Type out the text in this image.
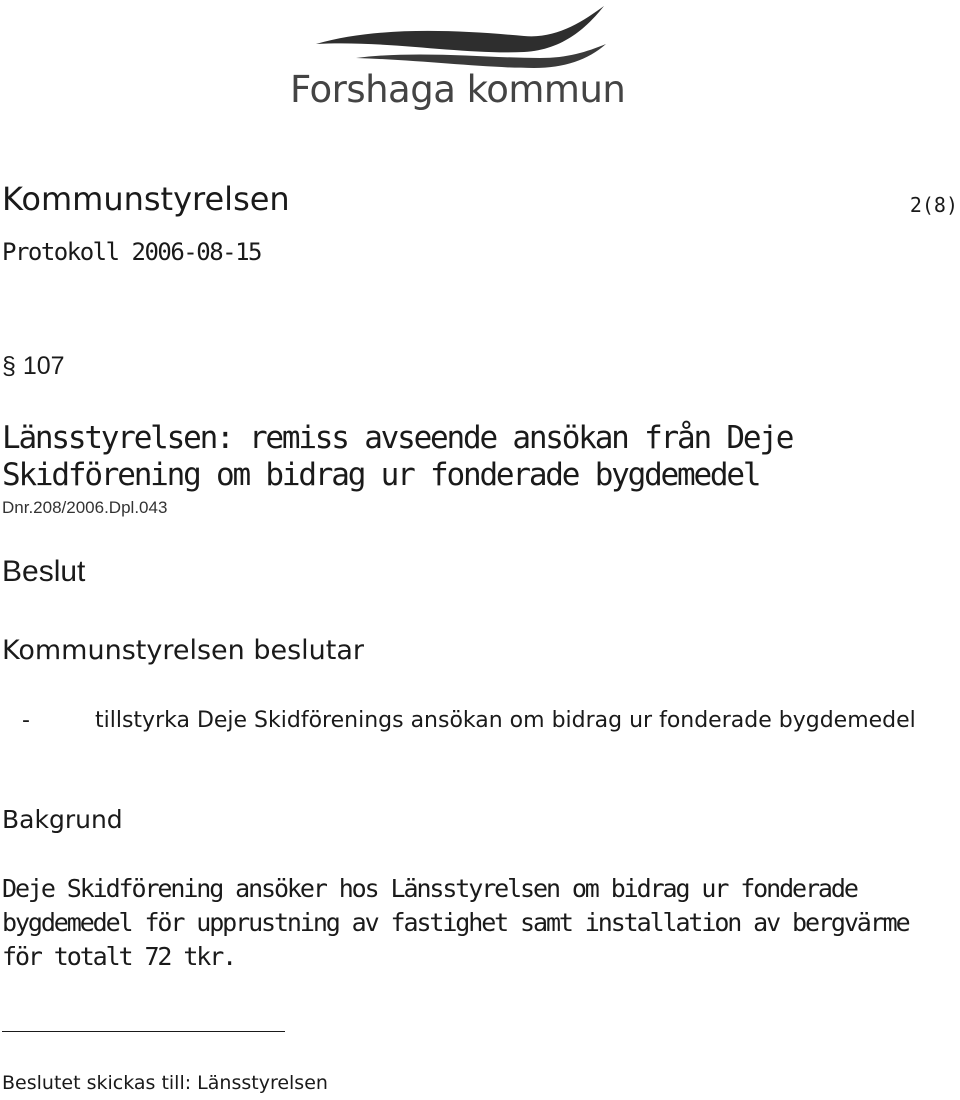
Forshaga kommun
Kommunstyrelsen	2(8)
Protokoll 2006-08-15
§ 107
Länsstyrelsen: remiss avseende ansökan från Deje
Skidförening om bidrag ur fonderade bygdemedel
Dnr.208/2006.Dpl.043
Beslut
Kommunstyrelsen beslutar
-	tillstyrka Deje Skidförenings ansökan om bidrag ur fonderade bygdemedel
Bakgrund
Deje Skidförening ansöker hos Länsstyrelsen om bidrag ur fonderade bygdemedel för upprustning av fastighet samt installation av bergvärme för totalt 72 tkr.
Beslutet skickas till: Länsstyrelsen
